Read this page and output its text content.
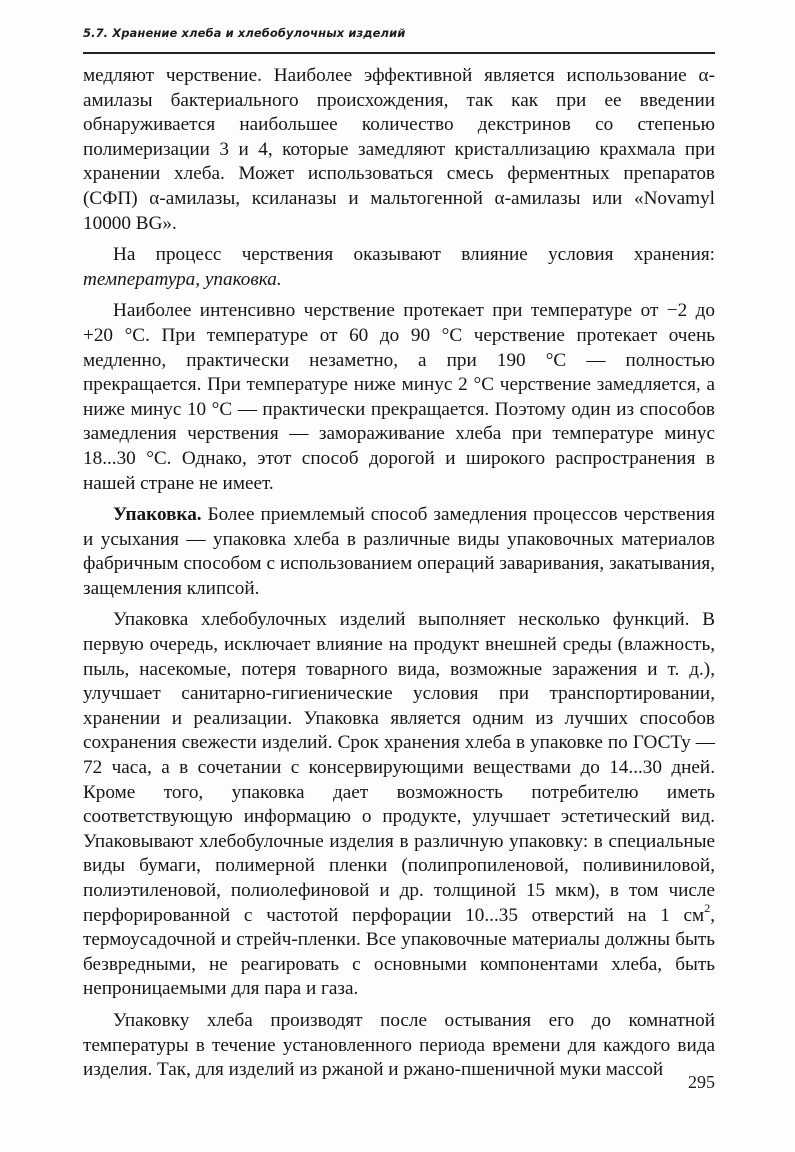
5.7. Хранение хлеба и хлебобулочных изделий

медляют черствение. Наиболее эффективной является использование α-амилазы бактериального происхождения, так как при ее введении обнаруживается наибольшее количество декстринов со степенью полимеризации 3 и 4, которые замедляют кристаллизацию крахмала при хранении хлеба. Может использоваться смесь ферментных препаратов (СФП) α-амилазы, ксиланазы и мальтогенной α-амилазы или «Novamyl 10000 BG».

На процесс черствения оказывают влияние условия хранения: температура, упаковка.

Наиболее интенсивно черствение протекает при температуре от −2 до +20 °С. При температуре от 60 до 90 °С черствение протекает очень медленно, практически незаметно, а при 190 °С — полностью прекращается. При температуре ниже минус 2 °С черствение замедляется, а ниже минус 10 °С — практически прекращается. Поэтому один из способов замедления черствения — замораживание хлеба при температуре минус 18...30 °С. Однако, этот способ дорогой и широкого распространения в нашей стране не имеет.

Упаковка. Более приемлемый способ замедления процессов черствения и усыхания — упаковка хлеба в различные виды упаковочных материалов фабричным способом с использованием операций заваривания, закатывания, защемления клипсой.

Упаковка хлебобулочных изделий выполняет несколько функций. В первую очередь, исключает влияние на продукт внешней среды (влажность, пыль, насекомые, потеря товарного вида, возможные заражения и т. д.), улучшает санитарно-гигиенические условия при транспортировании, хранении и реализации. Упаковка является одним из лучших способов сохранения свежести изделий. Срок хранения хлеба в упаковке по ГОСТу — 72 часа, а в сочетании с консервирующими веществами до 14...30 дней. Кроме того, упаковка дает возможность потребителю иметь соответствующую информацию о продукте, улучшает эстетический вид. Упаковывают хлебобулочные изделия в различную упаковку: в специальные виды бумаги, полимерной пленки (полипропиленовой, поливиниловой, полиэтиленовой, полиолефиновой и др. толщиной 15 мкм), в том числе перфорированной с частотой перфорации 10...35 отверстий на 1 $см^2$, термоусадочной и стрейч-пленки. Все упаковочные материалы должны быть безвредными, не реагировать с основными компонентами хлеба, быть непроницаемыми для пара и газа.

Упаковку хлеба производят после остывания его до комнатной температуры в течение установленного периода времени для каждого вида изделия. Так, для изделий из ржаной и ржано-пшеничной муки массой

295
